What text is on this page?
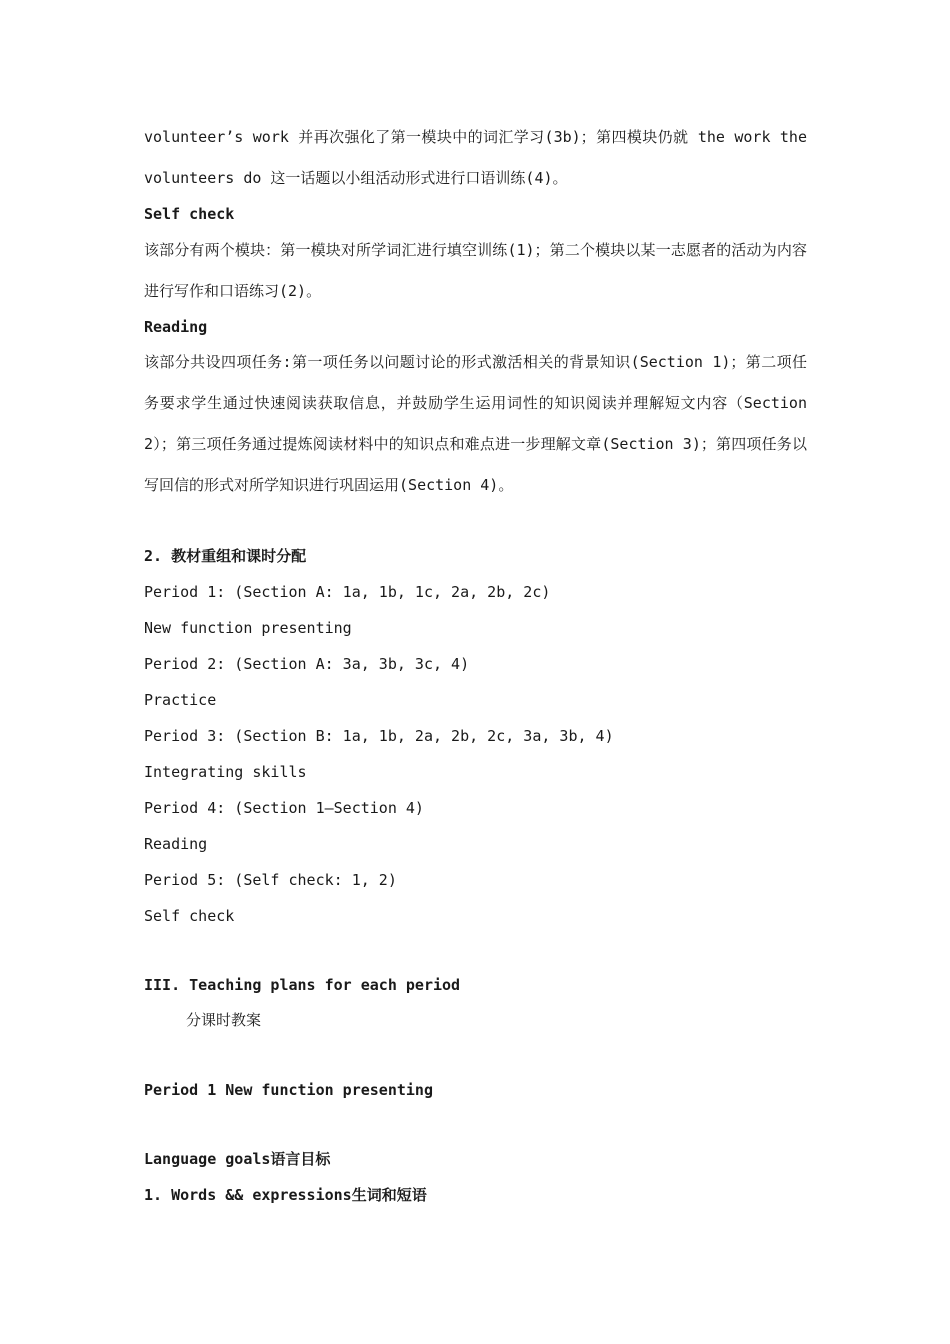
volunteer’s work 并再次强化了第一模块中的词汇学习(3b)；第四模块仍就 the work the volunteers do 这一话题以小组活动形式进行口语训练(4)。
Self check
该部分有两个模块：第一模块对所学词汇进行填空训练(1)；第二个模块以某一志愿者的活动为内容进行写作和口语练习(2)。
Reading
该部分共设四项任务:第一项任务以问题讨论的形式激活相关的背景知识(Section 1)；第二项任务要求学生通过快速阅读获取信息，并鼓励学生运用词性的知识阅读并理解短文内容（Section 2）；第三项任务通过提炼阅读材料中的知识点和难点进一步理解文章(Section 3)；第四项任务以写回信的形式对所学知识进行巩固运用(Section 4)。
2. 教材重组和课时分配
Period 1: (Section A: 1a, 1b, 1c, 2a, 2b, 2c)
New function presenting
Period 2: (Section A: 3a, 3b, 3c, 4)
Practice
Period 3: (Section B: 1a, 1b, 2a, 2b, 2c, 3a, 3b, 4)
Integrating skills
Period 4: (Section 1—Section 4)
Reading
Period 5: (Self check: 1, 2)
Self check
III. Teaching plans for each period
分课时教案
Period 1 New function presenting
Language goals语言目标
1. Words && expressions生词和短语
